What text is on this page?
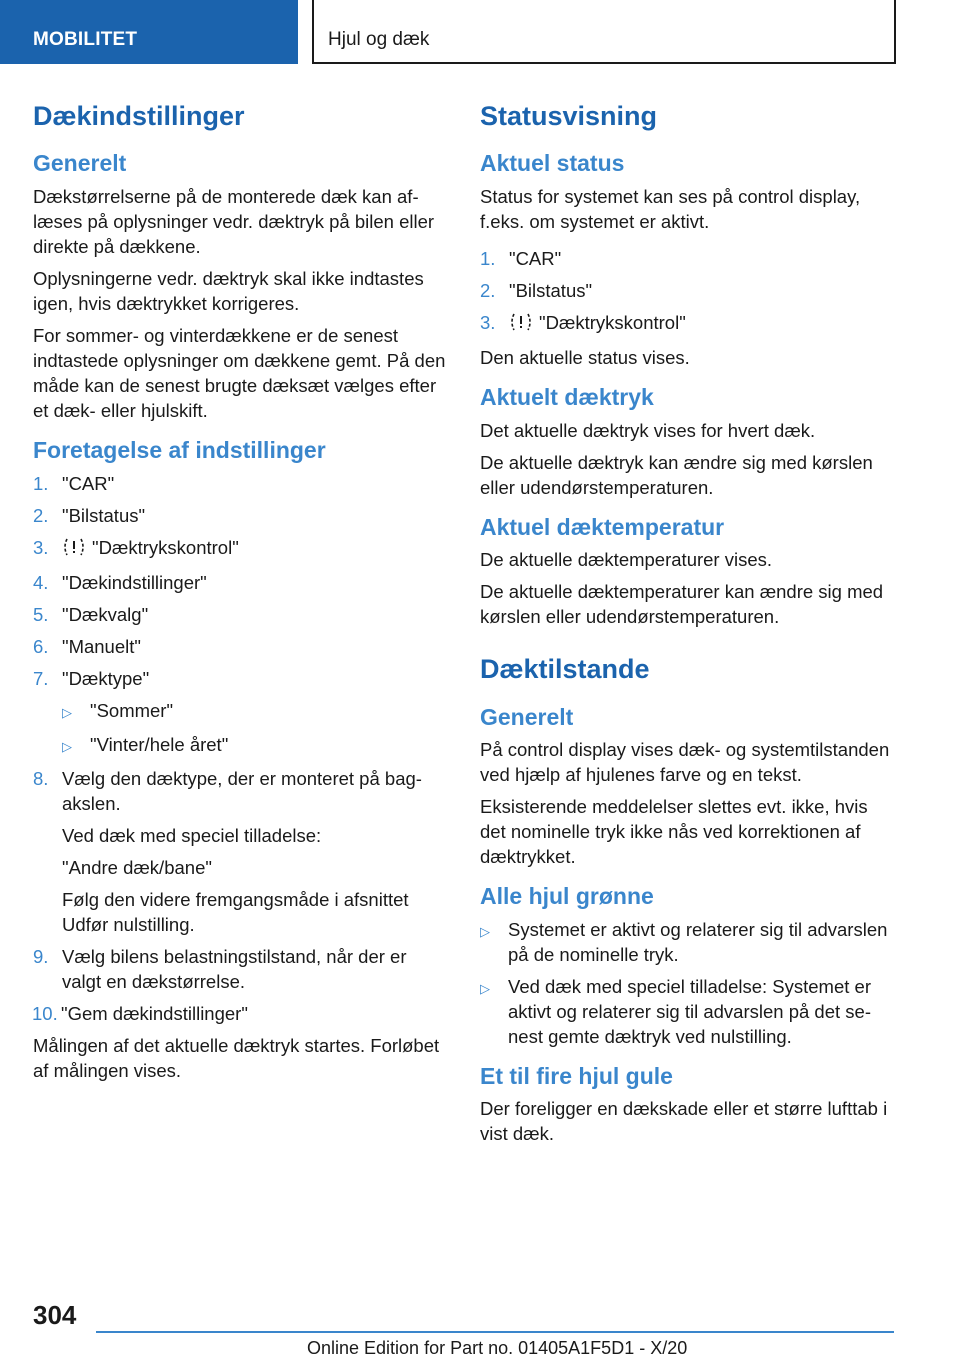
MOBILITET	Hjul og dæk
Dækindstillinger
Generelt

Dækstørrelserne på de monterede dæk kan aflæses på oplysninger vedr. dæktryk på bilen eller direkte på dækkene.

Oplysningerne vedr. dæktryk skal ikke indtastes igen, hvis dæktrykket korrigeres.

For sommer- og vinterdækkene er de senest indtastede oplysninger om dækkene gemt. På den måde kan de senest brugte dæksæt vælges efter et dæk- eller hjulskift.

Foretagelse af indstillinger
1. "CAR"
2. "Bilstatus"
3.	"Dæktrykskontrol"
4. "Dækindstillinger"
5. "Dækvalg"
6. "Manuelt"
7. "Dæktype"
▷ "Sommer"
▷ "Vinter/hele året"
8. Vælg den dæktype, der er monteret på bagakslen.

Ved dæk med speciel tilladelse:

"Andre dæk/bane"

Følg den videre fremgangsmåde i afsnittet Udfør nulstilling.

9. Vælg bilens belastningstilstand, når der er valgt en dækstørrelse.
10. "Gem dækindstillinger"

Målingen af det aktuelle dæktryk startes. Forløbet af målingen vises.

Statusvisning
Aktuel status

Status for systemet kan ses på control display, f.eks. om systemet er aktivt.

1. "CAR"
2. "Bilstatus"
3.	"Dæktrykskontrol"

Den aktuelle status vises.

Aktuelt dæktryk

Det aktuelle dæktryk vises for hvert dæk.

De aktuelle dæktryk kan ændre sig med kørslen eller udendørstemperaturen.

Aktuel dæktemperatur

De aktuelle dæktemperaturer vises.

De aktuelle dæktemperaturer kan ændre sig med kørslen eller udendørstemperaturen.

Dæktilstande
Generelt

På control display vises dæk- og systemtilstanden ved hjælp af hjulenes farve og en tekst.

Eksisterende meddelelser slettes evt. ikke, hvis det nominelle tryk ikke nås ved korrektionen af dæktrykket.

Alle hjul grønne
▷ Systemet er aktivt og relaterer sig til advarslen på de nominelle tryk.
▷ Ved dæk med speciel tilladelse: Systemet er aktivt og relaterer sig til advarslen på det senest gemte dæktryk ved nulstilling.
Et til fire hjul gule

Der foreligger en dækskade eller et større lufttab i vist dæk.

304
Online Edition for Part no. 01405A1F5D1 - X/20
